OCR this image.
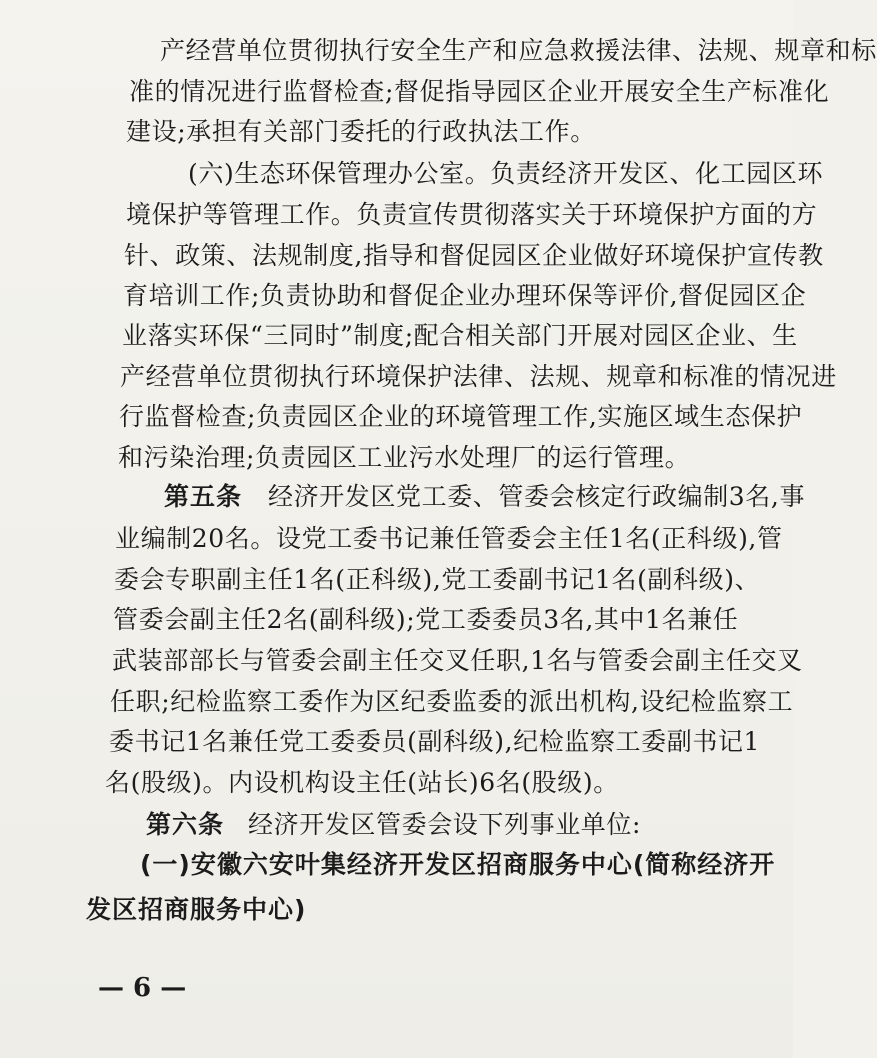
产经营单位贯彻执行安全生产和应急救援法律、法规、规章和标
准的情况进行监督检查;督促指导园区企业开展安全生产标准化
建设;承担有关部门委托的行政执法工作。
(六)生态环保管理办公室。负责经济开发区、化工园区环
境保护等管理工作。负责宣传贯彻落实关于环境保护方面的方
针、政策、法规制度,指导和督促园区企业做好环境保护宣传教
育培训工作;负责协助和督促企业办理环保等评价,督促园区企
业落实环保“三同时”制度;配合相关部门开展对园区企业、生
产经营单位贯彻执行环境保护法律、法规、规章和标准的情况进
行监督检查;负责园区企业的环境管理工作,实施区域生态保护
和污染治理;负责园区工业污水处理厂的运行管理。
第五条 经济开发区党工委、管委会核定行政编制3名,事
业编制20名。设党工委书记兼任管委会主任1名(正科级),管
委会专职副主任1名(正科级),党工委副书记1名(副科级)、
管委会副主任2名(副科级);党工委委员3名,其中1名兼任
武装部部长与管委会副主任交叉任职,1名与管委会副主任交叉
任职;纪检监察工委作为区纪委监委的派出机构,设纪检监察工
委书记1名兼任党工委委员(副科级),纪检监察工委副书记1
名(股级)。内设机构设主任(站长)6名(股级)。
第六条 经济开发区管委会设下列事业单位:
(一)安徽六安叶集经济开发区招商服务中心(简称经济开
发区招商服务中心)
— 6 —
